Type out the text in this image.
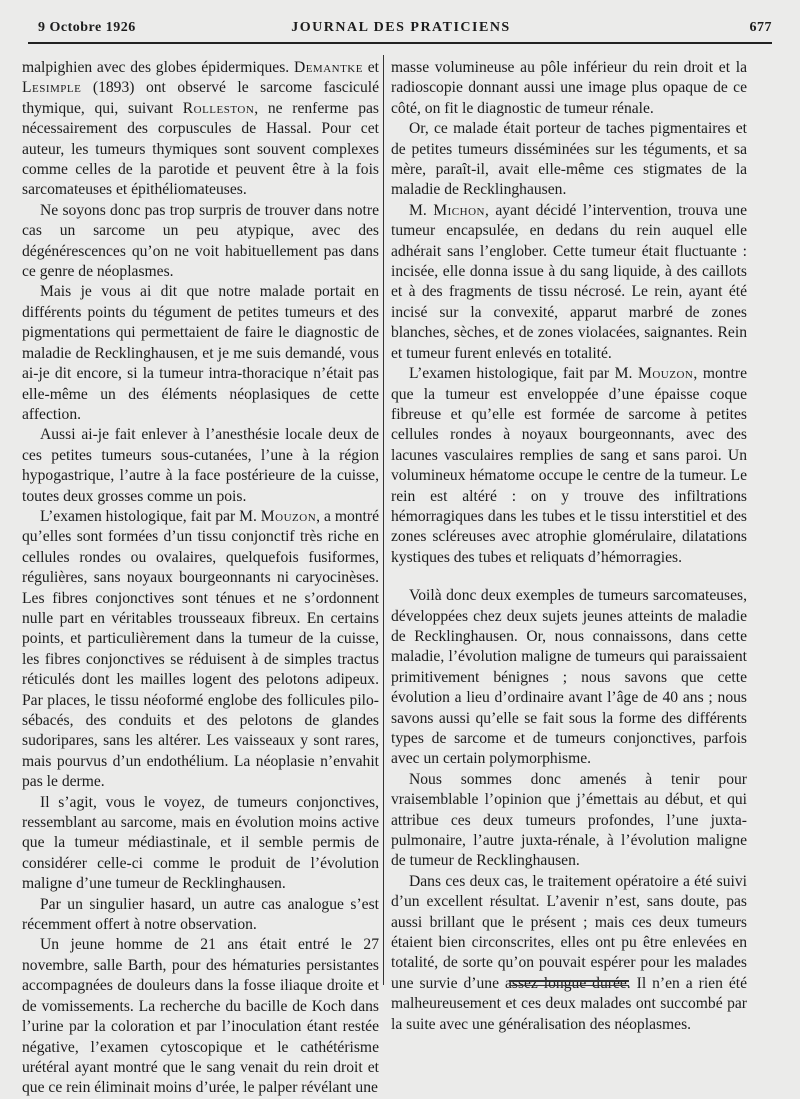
9 Octobre 1926	JOURNAL DES PRATICIENS	677

malpighien avec des globes épidermiques. Demantke et Lesimple (1893) ont observé le sarcome fasciculé thymique, qui, suivant Rolleston, ne renferme pas nécessairement des corpuscules de Hassal. Pour cet auteur, les tumeurs thymiques sont souvent complexes comme celles de la parotide et peuvent être à la fois sarcomateuses et épithéliomateuses.

Ne soyons donc pas trop surpris de trouver dans notre cas un sarcome un peu atypique, avec des dégénérescences qu’on ne voit habituellement pas dans ce genre de néoplasmes.

Mais je vous ai dit que notre malade portait en différents points du tégument de petites tumeurs et des pigmentations qui permettaient de faire le diagnostic de maladie de Recklinghausen, et je me suis demandé, vous ai-je dit encore, si la tumeur intra-thoracique n’était pas elle-même un des éléments néoplasiques de cette affection.

Aussi ai-je fait enlever à l’anesthésie locale deux de ces petites tumeurs sous-cutanées, l’une à la région hypogastrique, l’autre à la face postérieure de la cuisse, toutes deux grosses comme un pois.

L’examen histologique, fait par M. Mouzon, a montré qu’elles sont formées d’un tissu conjonctif très riche en cellules rondes ou ovalaires, quelquefois fusiformes, régulières, sans noyaux bourgeonnants ni caryocinèses. Les fibres conjonctives sont ténues et ne s’ordonnent nulle part en véritables trousseaux fibreux. En certains points, et particulièrement dans la tumeur de la cuisse, les fibres conjonctives se réduisent à de simples tractus réticulés dont les mailles logent des pelotons adipeux. Par places, le tissu néoformé englobe des follicules pilo-sébacés, des conduits et des pelotons de glandes sudoripares, sans les altérer. Les vaisseaux y sont rares, mais pourvus d’un endothélium. La néoplasie n’envahit pas le derme.

Il s’agit, vous le voyez, de tumeurs conjonctives, ressemblant au sarcome, mais en évolution moins active que la tumeur médiastinale, et il semble permis de considérer celle-ci comme le produit de l’évolution maligne d’une tumeur de Recklinghausen.

Par un singulier hasard, un autre cas analogue s’est récemment offert à notre observation.

Un jeune homme de 21 ans était entré le 27 novembre, salle Barth, pour des hématuries persistantes accompagnées de douleurs dans la fosse iliaque droite et de vomissements. La recherche du bacille de Koch dans l’urine par la coloration et par l’inoculation étant restée négative, l’examen cytoscopique et le cathétérisme urétéral ayant montré que le sang venait du rein droit et que ce rein éliminait moins d’urée, le palper révélant une

masse volumineuse au pôle inférieur du rein droit et la radioscopie donnant aussi une image plus opaque de ce côté, on fit le diagnostic de tumeur rénale.

Or, ce malade était porteur de taches pigmentaires et de petites tumeurs disséminées sur les téguments, et sa mère, paraît-il, avait elle-même ces stigmates de la maladie de Recklinghausen.

M. Michon, ayant décidé l’intervention, trouva une tumeur encapsulée, en dedans du rein auquel elle adhérait sans l’englober. Cette tumeur était fluctuante : incisée, elle donna issue à du sang liquide, à des caillots et à des fragments de tissu nécrosé. Le rein, ayant été incisé sur la convexité, apparut marbré de zones blanches, sèches, et de zones violacées, saignantes. Rein et tumeur furent enlevés en totalité.

L’examen histologique, fait par M. Mouzon, montre que la tumeur est enveloppée d’une épaisse coque fibreuse et qu’elle est formée de sarcome à petites cellules rondes à noyaux bourgeonnants, avec des lacunes vasculaires remplies de sang et sans paroi. Un volumineux hématome occupe le centre de la tumeur. Le rein est altéré : on y trouve des infiltrations hémorragiques dans les tubes et le tissu interstitiel et des zones scléreuses avec atrophie glomérulaire, dilatations kystiques des tubes et reliquats d’hémorragies.

Voilà donc deux exemples de tumeurs sarcomateuses, développées chez deux sujets jeunes atteints de maladie de Recklinghausen. Or, nous connaissons, dans cette maladie, l’évolution maligne de tumeurs qui paraissaient primitivement bénignes ; nous savons que cette évolution a lieu d’ordinaire avant l’âge de 40 ans ; nous savons aussi qu’elle se fait sous la forme des différents types de sarcome et de tumeurs conjonctives, parfois avec un certain polymorphisme.

Nous sommes donc amenés à tenir pour vraisemblable l’opinion que j’émettais au début, et qui attribue ces deux tumeurs profondes, l’une juxta-pulmonaire, l’autre juxta-rénale, à l’évolution maligne de tumeur de Recklinghausen.

Dans ces deux cas, le traitement opératoire a été suivi d’un excellent résultat. L’avenir n’est, sans doute, pas aussi brillant que le présent ; mais ces deux tumeurs étaient bien circonscrites, elles ont pu être enlevées en totalité, de sorte qu’on pouvait espérer pour les malades une survie d’une assez longue durée. Il n’en a rien été malheureusement et ces deux malades ont succombé par la suite avec une généralisation des néoplasmes.
